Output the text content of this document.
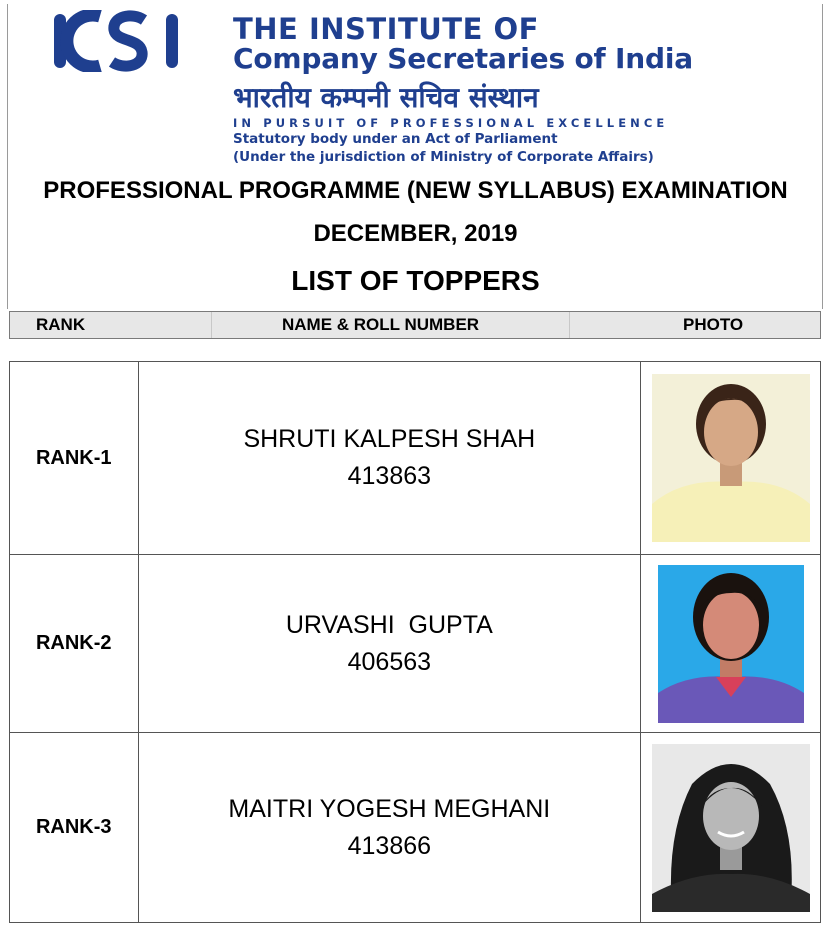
THE INSTITUTE OF
Company Secretaries of India
भारतीय कम्पनी सचिव संस्थान
IN PURSUIT OF PROFESSIONAL EXCELLENCE
Statutory body under an Act of Parliament
(Under the jurisdiction of Ministry of Corporate Affairs)
PROFESSIONAL PROGRAMME (NEW SYLLABUS) EXAMINATION
DECEMBER, 2019
LIST OF TOPPERS
RANK	NAME & ROLL NUMBER	PHOTO
RANK-1	SHRUTI KALPESH SHAH
413863

RANK-2	URVASHI  GUPTA
406563

RANK-3	MAITRI YOGESH MEGHANI
413866
